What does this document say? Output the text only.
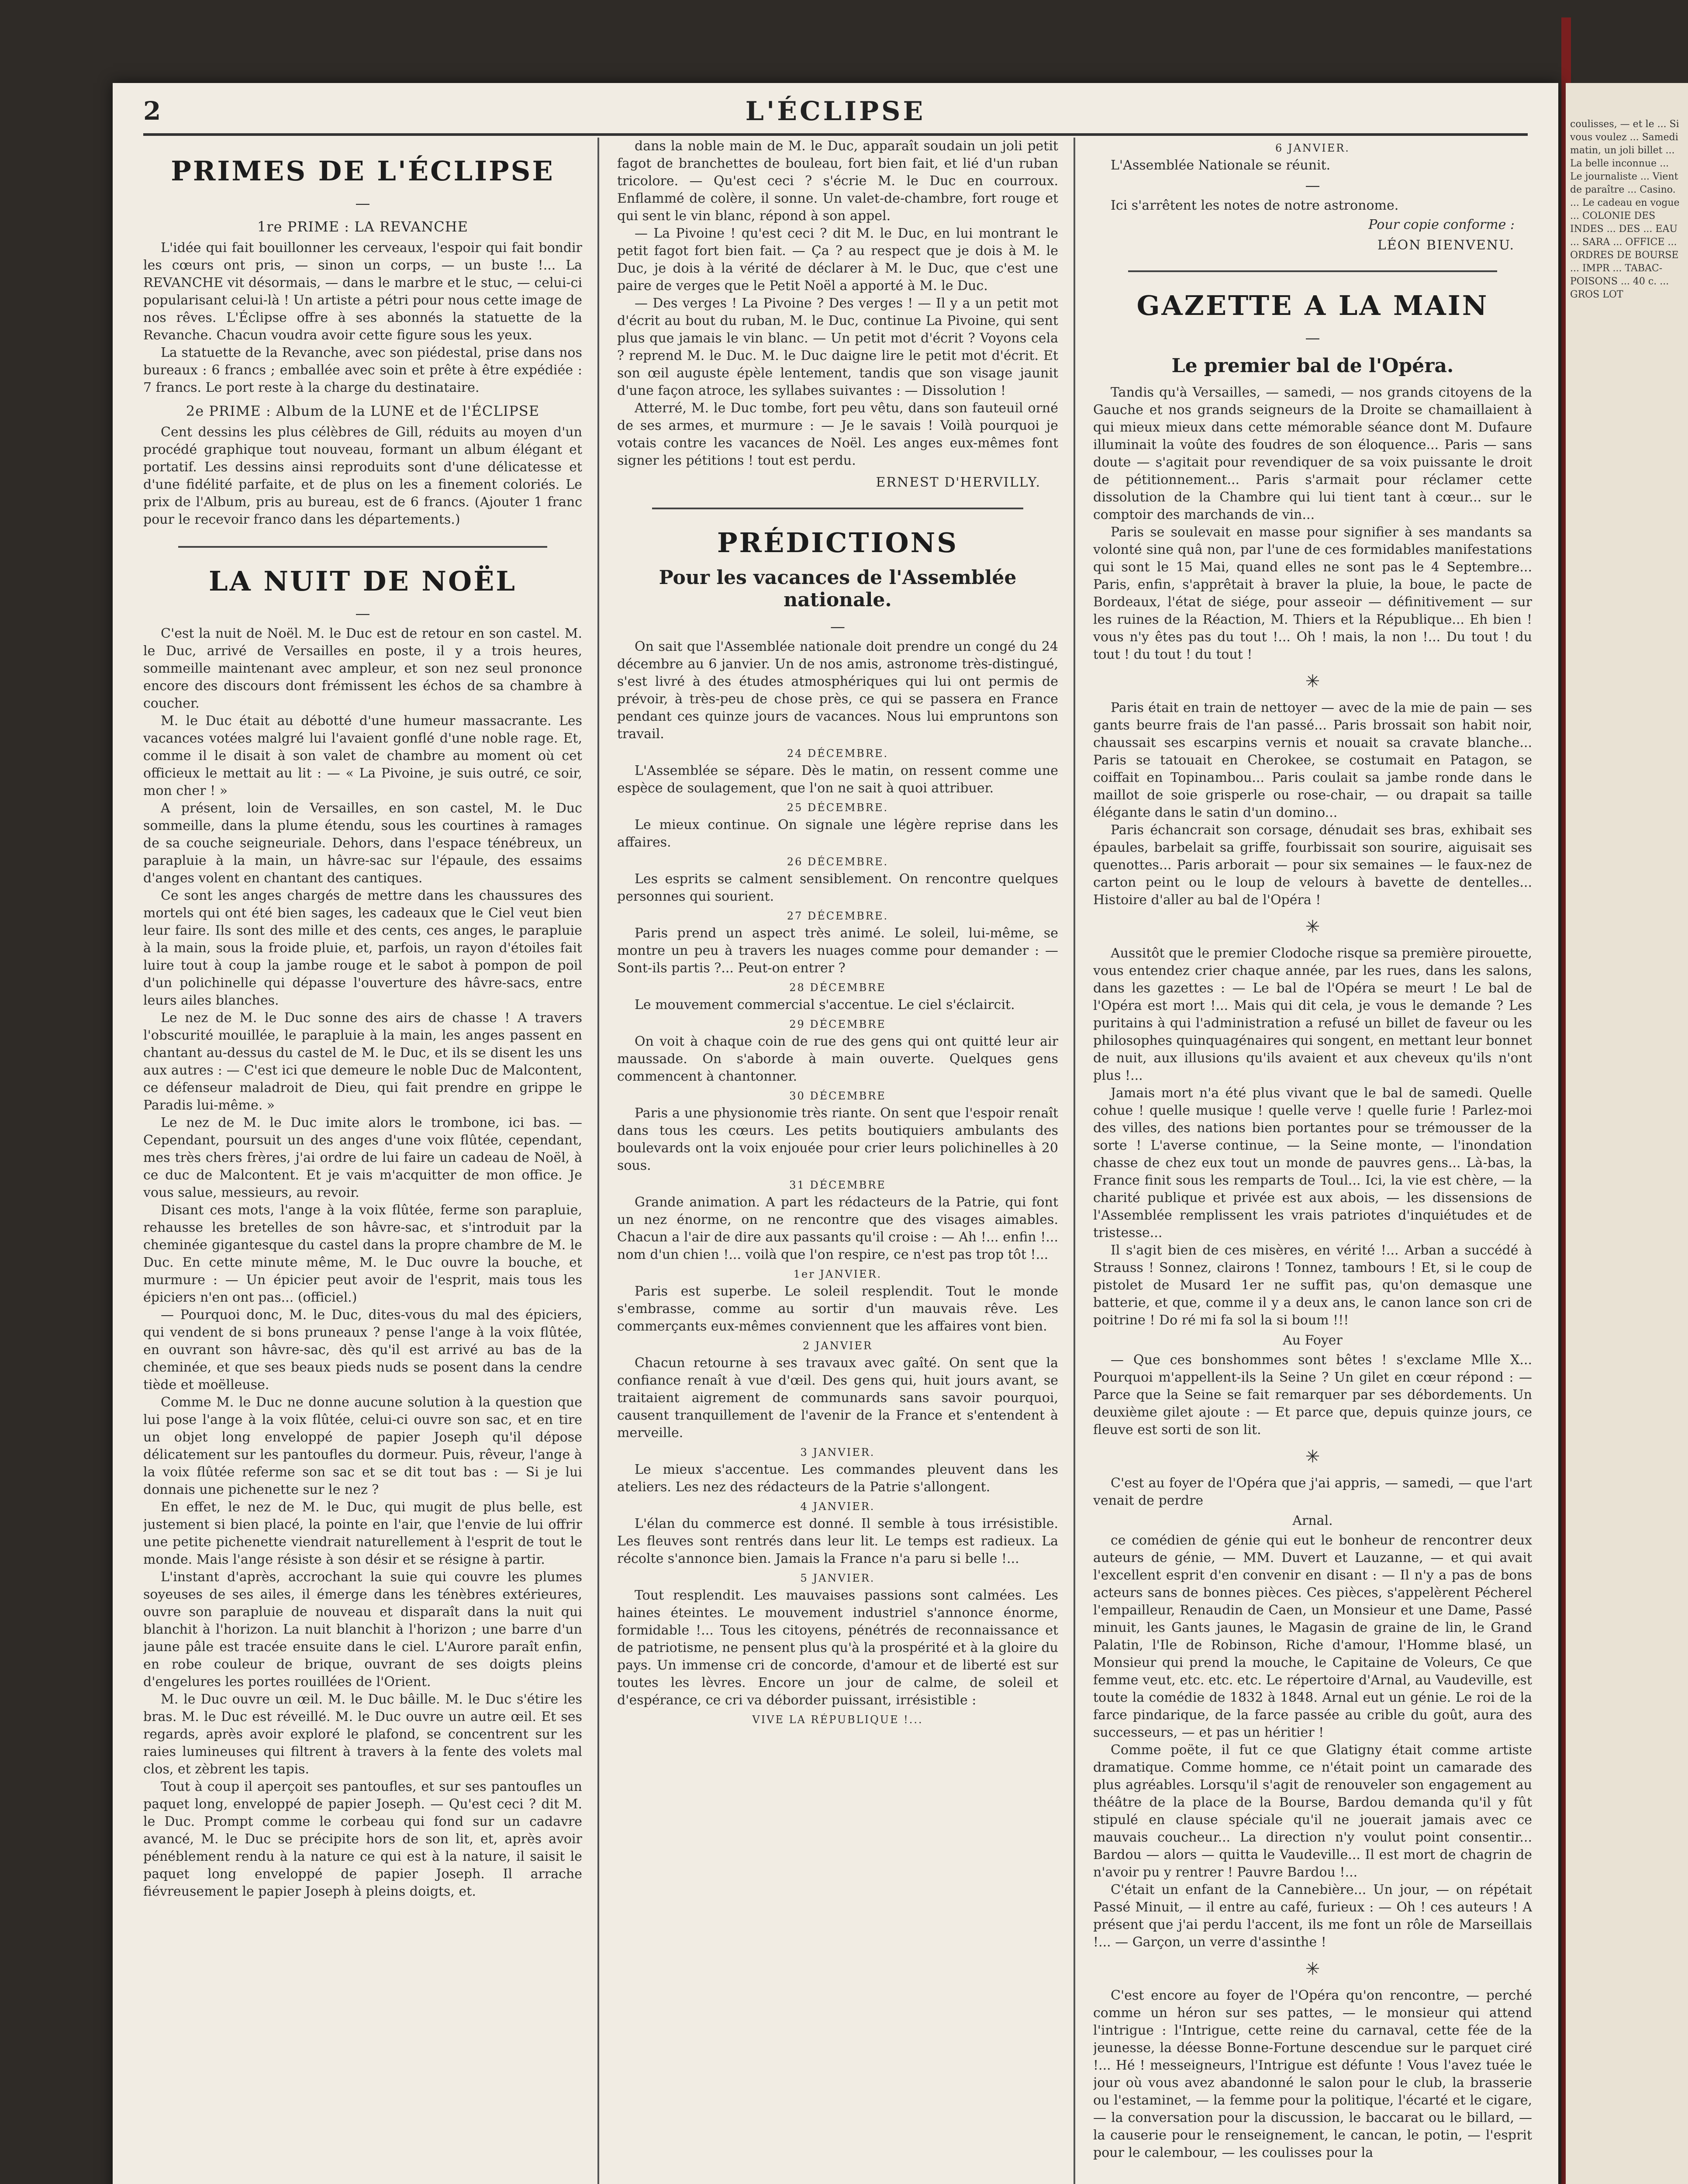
2	L'ÉCLIPSE
PRIMES DE L'ÉCLIPSE
—
1re PRIME : LA REVANCHE

L'idée qui fait bouillonner les cerveaux, l'espoir qui fait bondir les cœurs ont pris, — sinon un corps, — un buste !... La REVANCHE vit désormais, — dans le marbre et le stuc, — celui-ci popularisant celui-là ! Un artiste a pétri pour nous cette image de nos rêves. L'Éclipse offre à ses abonnés la statuette de la Revanche. Chacun voudra avoir cette figure sous les yeux.

La statuette de la Revanche, avec son piédestal, prise dans nos bureaux : 6 francs ; emballée avec soin et prête à être expédiée : 7 francs. Le port reste à la charge du destinataire.

2e PRIME : Album de la LUNE et de l'ÉCLIPSE

Cent dessins les plus célèbres de Gill, réduits au moyen d'un procédé graphique tout nouveau, formant un album élégant et portatif. Les dessins ainsi reproduits sont d'une délicatesse et d'une fidélité parfaite, et de plus on les a finement coloriés. Le prix de l'Album, pris au bureau, est de 6 francs. (Ajouter 1 franc pour le recevoir franco dans les départements.)

LA NUIT DE NOËL
—

C'est la nuit de Noël. M. le Duc est de retour en son castel. M. le Duc, arrivé de Versailles en poste, il y a trois heures, sommeille maintenant avec ampleur, et son nez seul prononce encore des discours dont frémissent les échos de sa chambre à coucher.

M. le Duc était au débotté d'une humeur massacrante. Les vacances votées malgré lui l'avaient gonflé d'une noble rage. Et, comme il le disait à son valet de chambre au moment où cet officieux le mettait au lit : — « La Pivoine, je suis outré, ce soir, mon cher ! »

A présent, loin de Versailles, en son castel, M. le Duc sommeille, dans la plume étendu, sous les courtines à ramages de sa couche seigneuriale. Dehors, dans l'espace ténébreux, un parapluie à la main, un hâvre-sac sur l'épaule, des essaims d'anges volent en chantant des cantiques.

Ce sont les anges chargés de mettre dans les chaussures des mortels qui ont été bien sages, les cadeaux que le Ciel veut bien leur faire. Ils sont des mille et des cents, ces anges, le parapluie à la main, sous la froide pluie, et, parfois, un rayon d'étoiles fait luire tout à coup la jambe rouge et le sabot à pompon de poil d'un polichinelle qui dépasse l'ouverture des hâvre-sacs, entre leurs ailes blanches.

Le nez de M. le Duc sonne des airs de chasse ! A travers l'obscurité mouillée, le parapluie à la main, les anges passent en chantant au-dessus du castel de M. le Duc, et ils se disent les uns aux autres : — C'est ici que demeure le noble Duc de Malcontent, ce défenseur maladroit de Dieu, qui fait prendre en grippe le Paradis lui-même. »

Le nez de M. le Duc imite alors le trombone, ici bas. — Cependant, poursuit un des anges d'une voix flûtée, cependant, mes très chers frères, j'ai ordre de lui faire un cadeau de Noël, à ce duc de Malcontent. Et je vais m'acquitter de mon office. Je vous salue, messieurs, au revoir.

Disant ces mots, l'ange à la voix flûtée, ferme son parapluie, rehausse les bretelles de son hâvre-sac, et s'introduit par la cheminée gigantesque du castel dans la propre chambre de M. le Duc. En cette minute même, M. le Duc ouvre la bouche, et murmure : — Un épicier peut avoir de l'esprit, mais tous les épiciers n'en ont pas... (officiel.)

— Pourquoi donc, M. le Duc, dites-vous du mal des épiciers, qui vendent de si bons pruneaux ? pense l'ange à la voix flûtée, en ouvrant son hâvre-sac, dès qu'il est arrivé au bas de la cheminée, et que ses beaux pieds nuds se posent dans la cendre tiède et moëlleuse.

Comme M. le Duc ne donne aucune solution à la question que lui pose l'ange à la voix flûtée, celui-ci ouvre son sac, et en tire un objet long enveloppé de papier Joseph qu'il dépose délicatement sur les pantoufles du dormeur. Puis, rêveur, l'ange à la voix flûtée referme son sac et se dit tout bas : — Si je lui donnais une pichenette sur le nez ?

En effet, le nez de M. le Duc, qui mugit de plus belle, est justement si bien placé, la pointe en l'air, que l'envie de lui offrir une petite pichenette viendrait naturellement à l'esprit de tout le monde. Mais l'ange résiste à son désir et se résigne à partir.

L'instant d'après, accrochant la suie qui couvre les plumes soyeuses de ses ailes, il émerge dans les ténèbres extérieures, ouvre son parapluie de nouveau et disparaît dans la nuit qui blanchit à l'horizon. La nuit blanchit à l'horizon ; une barre d'un jaune pâle est tracée ensuite dans le ciel. L'Aurore paraît enfin, en robe couleur de brique, ouvrant de ses doigts pleins d'engelures les portes rouillées de l'Orient.

M. le Duc ouvre un œil. M. le Duc bâille. M. le Duc s'étire les bras. M. le Duc est réveillé. M. le Duc ouvre un autre œil. Et ses regards, après avoir exploré le plafond, se concentrent sur les raies lumineuses qui filtrent à travers à la fente des volets mal clos, et zèbrent les tapis.

Tout à coup il aperçoit ses pantoufles, et sur ses pantoufles un paquet long, enveloppé de papier Joseph. — Qu'est ceci ? dit M. le Duc. Prompt comme le corbeau qui fond sur un cadavre avancé, M. le Duc se précipite hors de son lit, et, après avoir pénéblement rendu à la nature ce qui est à la nature, il saisit le paquet long enveloppé de papier Joseph. Il arrache fiévreusement le papier Joseph à pleins doigts, et.

dans la noble main de M. le Duc, apparaît soudain un joli petit fagot de branchettes de bouleau, fort bien fait, et lié d'un ruban tricolore. — Qu'est ceci ? s'écrie M. le Duc en courroux. Enflammé de colère, il sonne. Un valet-de-chambre, fort rouge et qui sent le vin blanc, répond à son appel.

— La Pivoine ! qu'est ceci ? dit M. le Duc, en lui montrant le petit fagot fort bien fait. — Ça ? au respect que je dois à M. le Duc, je dois à la vérité de déclarer à M. le Duc, que c'est une paire de verges que le Petit Noël a apporté à M. le Duc.

— Des verges ! La Pivoine ? Des verges ! — Il y a un petit mot d'écrit au bout du ruban, M. le Duc, continue La Pivoine, qui sent plus que jamais le vin blanc. — Un petit mot d'écrit ? Voyons cela ? reprend M. le Duc. M. le Duc daigne lire le petit mot d'écrit. Et son œil auguste épèle lentement, tandis que son visage jaunit d'une façon atroce, les syllabes suivantes : — Dissolution !

Atterré, M. le Duc tombe, fort peu vêtu, dans son fauteuil orné de ses armes, et murmure : — Je le savais ! Voilà pourquoi je votais contre les vacances de Noël. Les anges eux-mêmes font signer les pétitions ! tout est perdu.

ERNEST D'HERVILLY.
PRÉDICTIONS
Pour les vacances de l'Assemblée nationale.
—

On sait que l'Assemblée nationale doit prendre un congé du 24 décembre au 6 janvier. Un de nos amis, astronome très-distingué, s'est livré à des études atmosphériques qui lui ont permis de prévoir, à très-peu de chose près, ce qui se passera en France pendant ces quinze jours de vacances. Nous lui empruntons son travail.

24 DÉCEMBRE.

L'Assemblée se sépare. Dès le matin, on ressent comme une espèce de soulagement, que l'on ne sait à quoi attribuer.

25 DÉCEMBRE.

Le mieux continue. On signale une légère reprise dans les affaires.

26 DÉCEMBRE.

Les esprits se calment sensiblement. On rencontre quelques personnes qui sourient.

27 DÉCEMBRE.

Paris prend un aspect très animé. Le soleil, lui-même, se montre un peu à travers les nuages comme pour demander : — Sont-ils partis ?... Peut-on entrer ?

28 DÉCEMBRE

Le mouvement commercial s'accentue. Le ciel s'éclaircit.

29 DÉCEMBRE

On voit à chaque coin de rue des gens qui ont quitté leur air maussade. On s'aborde à main ouverte. Quelques gens commencent à chantonner.

30 DÉCEMBRE

Paris a une physionomie très riante. On sent que l'espoir renaît dans tous les cœurs. Les petits boutiquiers ambulants des boulevards ont la voix enjouée pour crier leurs polichinelles à 20 sous.

31 DÉCEMBRE

Grande animation. A part les rédacteurs de la Patrie, qui font un nez énorme, on ne rencontre que des visages aimables. Chacun a l'air de dire aux passants qu'il croise : — Ah !... enfin !... nom d'un chien !... voilà que l'on respire, ce n'est pas trop tôt !...

1er JANVIER.

Paris est superbe. Le soleil resplendit. Tout le monde s'embrasse, comme au sortir d'un mauvais rêve. Les commerçants eux-mêmes conviennent que les affaires vont bien.

2 JANVIER

Chacun retourne à ses travaux avec gaîté. On sent que la confiance renaît à vue d'œil. Des gens qui, huit jours avant, se traitaient aigrement de communards sans savoir pourquoi, causent tranquillement de l'avenir de la France et s'entendent à merveille.

3 JANVIER.

Le mieux s'accentue. Les commandes pleuvent dans les ateliers. Les nez des rédacteurs de la Patrie s'allongent.

4 JANVIER.

L'élan du commerce est donné. Il semble à tous irrésistible. Les fleuves sont rentrés dans leur lit. Le temps est radieux. La récolte s'annonce bien. Jamais la France n'a paru si belle !...

5 JANVIER.

Tout resplendit. Les mauvaises passions sont calmées. Les haines éteintes. Le mouvement industriel s'annonce énorme, formidable !... Tous les citoyens, pénétrés de reconnaissance et de patriotisme, ne pensent plus qu'à la prospérité et à la gloire du pays. Un immense cri de concorde, d'amour et de liberté est sur toutes les lèvres. Encore un jour de calme, de soleil et d'espérance, ce cri va déborder puissant, irrésistible :

VIVE LA RÉPUBLIQUE !...
6 JANVIER.

L'Assemblée Nationale se réunit.

—

Ici s'arrêtent les notes de notre astronome.

Pour copie conforme :
LÉON BIENVENU.
GAZETTE A LA MAIN
—
Le premier bal de l'Opéra.

Tandis qu'à Versailles, — samedi, — nos grands citoyens de la Gauche et nos grands seigneurs de la Droite se chamaillaient à qui mieux mieux dans cette mémorable séance dont M. Dufaure illuminait la voûte des foudres de son éloquence... Paris — sans doute — s'agitait pour revendiquer de sa voix puissante le droit de pétitionnement... Paris s'armait pour réclamer cette dissolution de la Chambre qui lui tient tant à cœur... sur le comptoir des marchands de vin...

Paris se soulevait en masse pour signifier à ses mandants sa volonté sine quâ non, par l'une de ces formidables manifestations qui sont le 15 Mai, quand elles ne sont pas le 4 Septembre... Paris, enfin, s'apprêtait à braver la pluie, la boue, le pacte de Bordeaux, l'état de siége, pour asseoir — définitivement — sur les ruines de la Réaction, M. Thiers et la République... Eh bien ! vous n'y êtes pas du tout !... Oh ! mais, la non !... Du tout ! du tout ! du tout ! du tout !

✳

Paris était en train de nettoyer — avec de la mie de pain — ses gants beurre frais de l'an passé... Paris brossait son habit noir, chaussait ses escarpins vernis et nouait sa cravate blanche... Paris se tatouait en Cherokee, se costumait en Patagon, se coiffait en Topinambou... Paris coulait sa jambe ronde dans le maillot de soie grisperle ou rose-chair, — ou drapait sa taille élégante dans le satin d'un domino...

Paris échancrait son corsage, dénudait ses bras, exhibait ses épaules, barbelait sa griffe, fourbissait son sourire, aiguisait ses quenottes... Paris arborait — pour six semaines — le faux-nez de carton peint ou le loup de velours à bavette de dentelles... Histoire d'aller au bal de l'Opéra !

✳

Aussitôt que le premier Clodoche risque sa première pirouette, vous entendez crier chaque année, par les rues, dans les salons, dans les gazettes : — Le bal de l'Opéra se meurt ! Le bal de l'Opéra est mort !... Mais qui dit cela, je vous le demande ? Les puritains à qui l'administration a refusé un billet de faveur ou les philosophes quinquagénaires qui songent, en mettant leur bonnet de nuit, aux illusions qu'ils avaient et aux cheveux qu'ils n'ont plus !...

Jamais mort n'a été plus vivant que le bal de samedi. Quelle cohue ! quelle musique ! quelle verve ! quelle furie ! Parlez-moi des villes, des nations bien portantes pour se trémousser de la sorte ! L'averse continue, — la Seine monte, — l'inondation chasse de chez eux tout un monde de pauvres gens... Là-bas, la France finit sous les remparts de Toul... Ici, la vie est chère, — la charité publique et privée est aux abois, — les dissensions de l'Assemblée remplissent les vrais patriotes d'inquiétudes et de tristesse...

Il s'agit bien de ces misères, en vérité !... Arban a succédé à Strauss ! Sonnez, clairons ! Tonnez, tambours ! Et, si le coup de pistolet de Musard 1er ne suffit pas, qu'on demasque une batterie, et que, comme il y a deux ans, le canon lance son cri de poitrine ! Do ré mi fa sol la si boum !!!

Au Foyer

— Que ces bonshommes sont bêtes ! s'exclame Mlle X... Pourquoi m'appellent-ils la Seine ? Un gilet en cœur répond : — Parce que la Seine se fait remarquer par ses débordements. Un deuxième gilet ajoute : — Et parce que, depuis quinze jours, ce fleuve est sorti de son lit.

✳

C'est au foyer de l'Opéra que j'ai appris, — samedi, — que l'art venait de perdre

Arnal.

ce comédien de génie qui eut le bonheur de rencontrer deux auteurs de génie, — MM. Duvert et Lauzanne, — et qui avait l'excellent esprit d'en convenir en disant : — Il n'y a pas de bons acteurs sans de bonnes pièces. Ces pièces, s'appelèrent Pécherel l'empailleur, Renaudin de Caen, un Monsieur et une Dame, Passé minuit, les Gants jaunes, le Magasin de graine de lin, le Grand Palatin, l'Ile de Robinson, Riche d'amour, l'Homme blasé, un Monsieur qui prend la mouche, le Capitaine de Voleurs, Ce que femme veut, etc. etc. etc. Le répertoire d'Arnal, au Vaudeville, est toute la comédie de 1832 à 1848. Arnal eut un génie. Le roi de la farce pindarique, de la farce passée au crible du goût, aura des successeurs, — et pas un héritier !

Comme poëte, il fut ce que Glatigny était comme artiste dramatique. Comme homme, ce n'était point un camarade des plus agréables. Lorsqu'il s'agit de renouveler son engagement au théâtre de la place de la Bourse, Bardou demanda qu'il y fût stipulé en clause spéciale qu'il ne jouerait jamais avec ce mauvais coucheur... La direction n'y voulut point consentir... Bardou — alors — quitta le Vaudeville... Il est mort de chagrin de n'avoir pu y rentrer ! Pauvre Bardou !...

C'était un enfant de la Cannebière... Un jour, — on répétait Passé Minuit, — il entre au café, furieux : — Oh ! ces auteurs ! A présent que j'ai perdu l'accent, ils me font un rôle de Marseillais !... — Garçon, un verre d'assinthe !

✳

C'est encore au foyer de l'Opéra qu'on rencontre, — perché comme un héron sur ses pattes, — le monsieur qui attend l'intrigue : l'Intrigue, cette reine du carnaval, cette fée de la jeunesse, la déesse Bonne-Fortune descendue sur le parquet ciré !... Hé ! messeigneurs, l'Intrigue est défunte ! Vous l'avez tuée le jour où vous avez abandonné le salon pour le club, la brasserie ou l'estaminet, — la femme pour la politique, l'écarté et le cigare, — la conversation pour la discussion, le baccarat ou le billard, — la causerie pour le renseignement, le cancan, le potin, — l'esprit pour le calembour, — les coulisses pour la

coulisses, — et le ... Si vous voulez ... Samedi matin, un joli billet ... La belle inconnue ... Le journaliste ... Vient de paraître ... Casino. ... Le cadeau en vogue ... COLONIE DES INDES ... DES ... EAU ... SARA ... OFFICE ... ORDRES DE BOURSE ... IMPR ... TABAC-POISONS ... 40 c. ... GROS LOT
